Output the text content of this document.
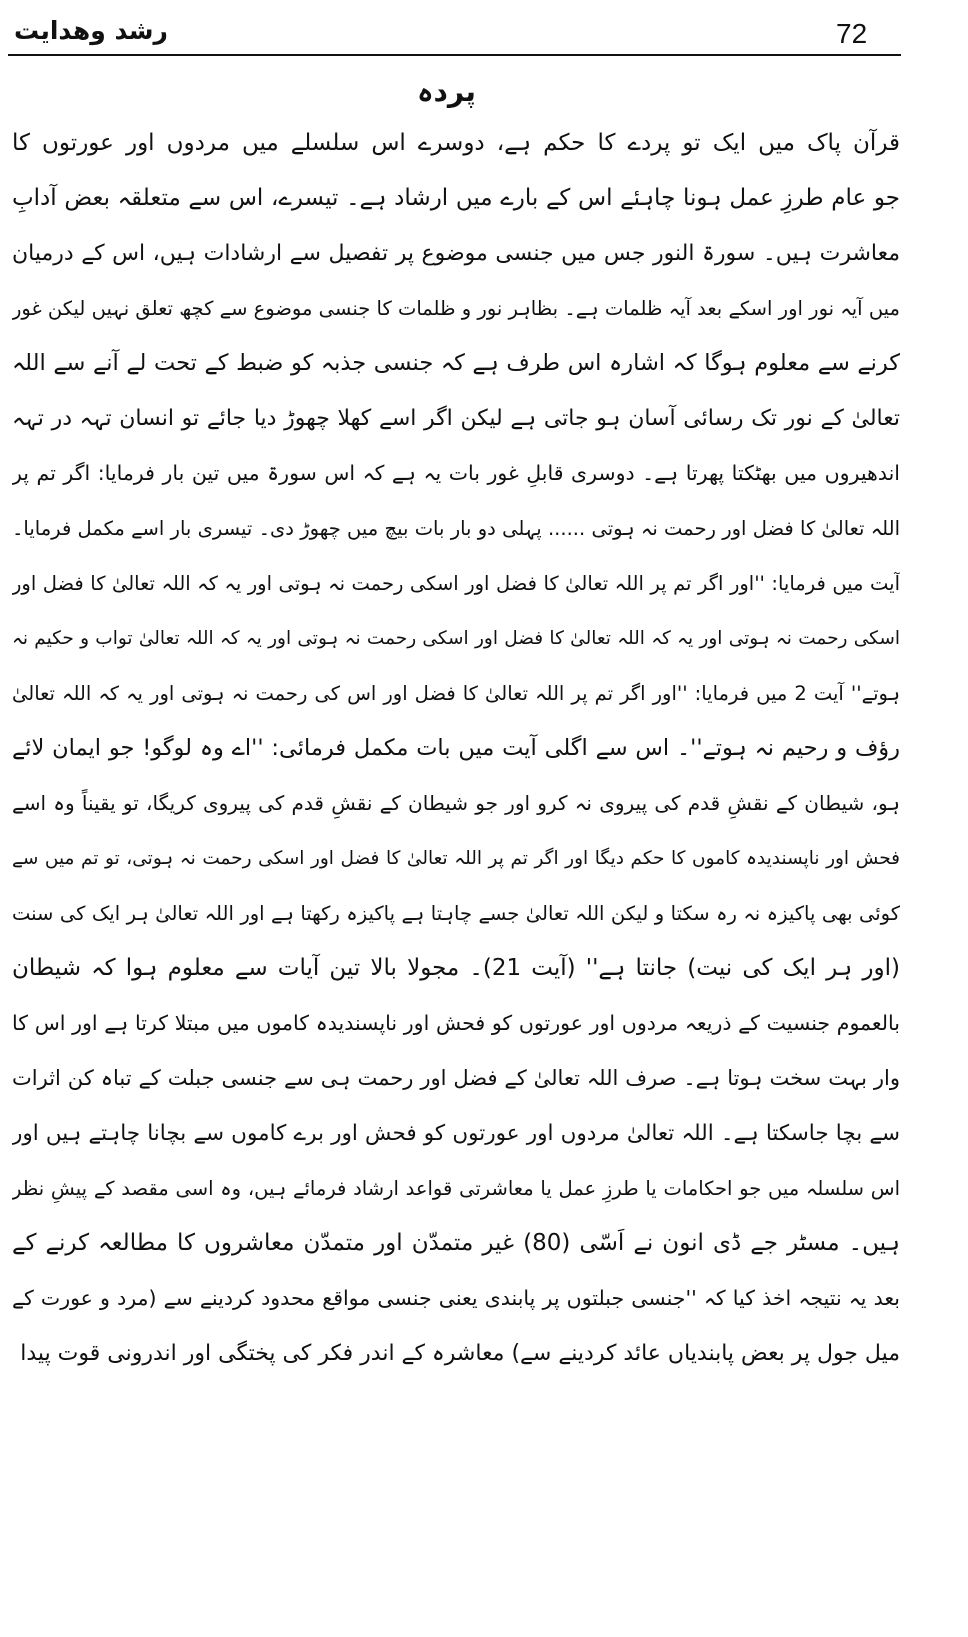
72
رشد وھدایت
پردہ
قرآن پاک میں ایک تو پردے کا حکم ہے، دوسرے اس سلسلے میں مردوں اور عورتوں کا
جو عام طرزِ عمل ہونا چاہئے اس کے بارے میں ارشاد ہے۔ تیسرے، اس سے متعلقہ بعض آدابِ
معاشرت ہیں۔ سورۃ النور جس میں جنسی موضوع پر تفصیل سے ارشادات ہیں، اس کے درمیان
میں آیہ نور اور اسکے بعد آیہ ظلمات ہے۔ بظاہر نور و ظلمات کا جنسی موضوع سے کچھ تعلق نہیں لیکن غور
کرنے سے معلوم ہوگا کہ اشارہ اس طرف ہے کہ جنسی جذبہ کو ضبط کے تحت لے آنے سے اللہ
تعالیٰ کے نور تک رسائی آسان ہو جاتی ہے لیکن اگر اسے کھلا چھوڑ دیا جائے تو انسان تہہ در تہہ
اندھیروں میں بھٹکتا پھرتا ہے۔ دوسری قابلِ غور بات یہ ہے کہ اس سورۃ میں تین بار فرمایا: اگر تم پر
اللہ تعالیٰ کا فضل اور رحمت نہ ہوتی ...... پہلی دو بار بات بیچ میں چھوڑ دی۔ تیسری بار اسے مکمل فرمایا۔
آیت میں فرمایا: ''اور اگر تم پر اللہ تعالیٰ کا فضل اور اسکی رحمت نہ ہوتی اور یہ کہ اللہ تعالیٰ کا فضل اور
اسکی رحمت نہ ہوتی اور یہ کہ اللہ تعالیٰ کا فضل اور اسکی رحمت نہ ہوتی اور یہ کہ اللہ تعالیٰ تواب و حکیم نہ
ہوتے'' آیت 2 میں فرمایا: ''اور اگر تم پر اللہ تعالیٰ کا فضل اور اس کی رحمت نہ ہوتی اور یہ کہ اللہ تعالیٰ
رؤف و رحیم نہ ہوتے''۔ اس سے اگلی آیت میں بات مکمل فرمائی: ''اے وہ لوگو! جو ایمان لائے
ہو، شیطان کے نقشِ قدم کی پیروی نہ کرو اور جو شیطان کے نقشِ قدم کی پیروی کریگا، تو یقیناً وہ اسے
فحش اور ناپسندیدہ کاموں کا حکم دیگا اور اگر تم پر اللہ تعالیٰ کا فضل اور اسکی رحمت نہ ہوتی، تو تم میں سے
کوئی بھی پاکیزہ نہ رہ سکتا و لیکن اللہ تعالیٰ جسے چاہتا ہے پاکیزہ رکھتا ہے اور اللہ تعالیٰ ہر ایک کی سنت
(اور ہر ایک کی نیت) جانتا ہے'' (آیت 21)۔ مجولا بالا تین آیات سے معلوم ہوا کہ شیطان
بالعموم جنسیت کے ذریعہ مردوں اور عورتوں کو فحش اور ناپسندیدہ کاموں میں مبتلا کرتا ہے اور اس کا
وار بہت سخت ہوتا ہے۔ صرف اللہ تعالیٰ کے فضل اور رحمت ہی سے جنسی جبلت کے تباہ کن اثرات
سے بچا جاسکتا ہے۔ اللہ تعالیٰ مردوں اور عورتوں کو فحش اور برے کاموں سے بچانا چاہتے ہیں اور
اس سلسلہ میں جو احکامات یا طرزِ عمل یا معاشرتی قواعد ارشاد فرمائے ہیں، وہ اسی مقصد کے پیشِ نظر
ہیں۔ مسٹر جے ڈی انون نے اَسّی (80) غیر متمدّن اور متمدّن معاشروں کا مطالعہ کرنے کے
بعد یہ نتیجہ اخذ کیا کہ ''جنسی جبلتوں پر پابندی یعنی جنسی مواقع محدود کردینے سے (مرد و عورت کے
میل جول پر بعض پابندیاں عائد کردینے سے) معاشرہ کے اندر فکر کی پختگی اور اندرونی قوت پیدا
